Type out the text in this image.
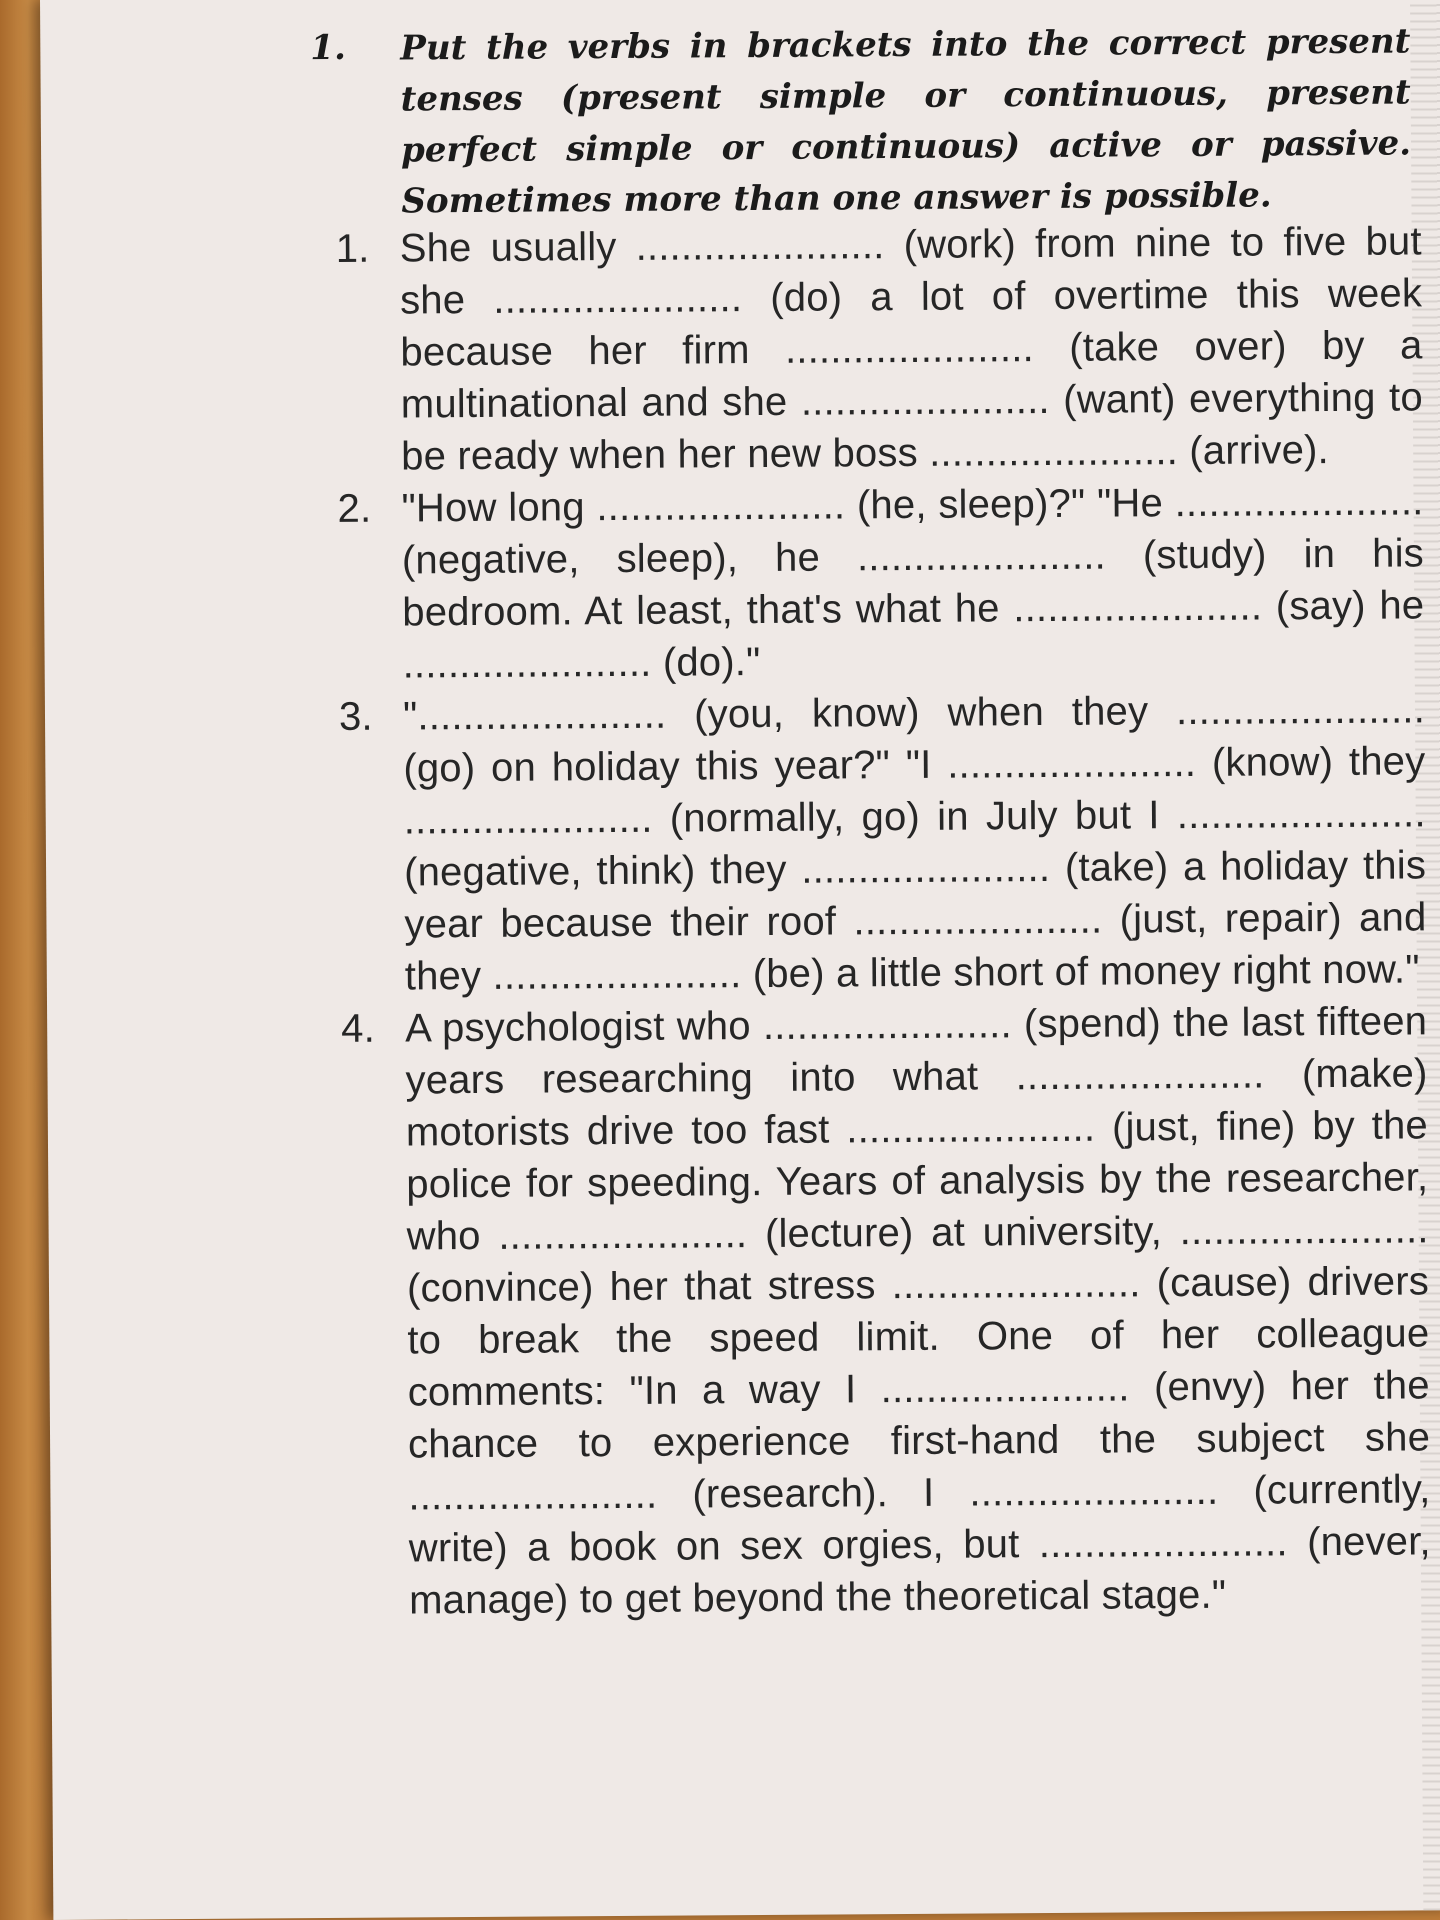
1. Put the verbs in brackets into the correct present tenses (present simple or continuous, present perfect simple or continuous) active or passive. Sometimes more than one answer is possible.
1. She usually ...................... (work) from nine to five but she ...................... (do) a lot of overtime this week because her firm ...................... (take over) by a multinational and she ...................... (want) everything to be ready when her new boss ...................... (arrive).
2. "How long ...................... (he, sleep)?" "He ...................... (negative, sleep), he ...................... (study) in his bedroom. At least, that's what he ...................... (say) he ...................... (do)."
3. "...................... (you, know) when they ...................... (go) on holiday this year?" "I ...................... (know) they ...................... (normally, go) in July but I ...................... (negative, think) they ...................... (take) a holiday this year because their roof ...................... (just, repair) and they ...................... (be) a little short of money right now."
4. A psychologist who ...................... (spend) the last fifteen years researching into what ...................... (make) motorists drive too fast ...................... (just, fine) by the police for speeding. Years of analysis by the researcher, who ...................... (lecture) at university, ...................... (convince) her that stress ...................... (cause) drivers to break the speed limit. One of her colleague comments: "In a way I ...................... (envy) her the chance to experience first-hand the subject she ...................... (research). I ...................... (currently, write) a book on sex orgies, but ...................... (never, manage) to get beyond the theoretical stage."
